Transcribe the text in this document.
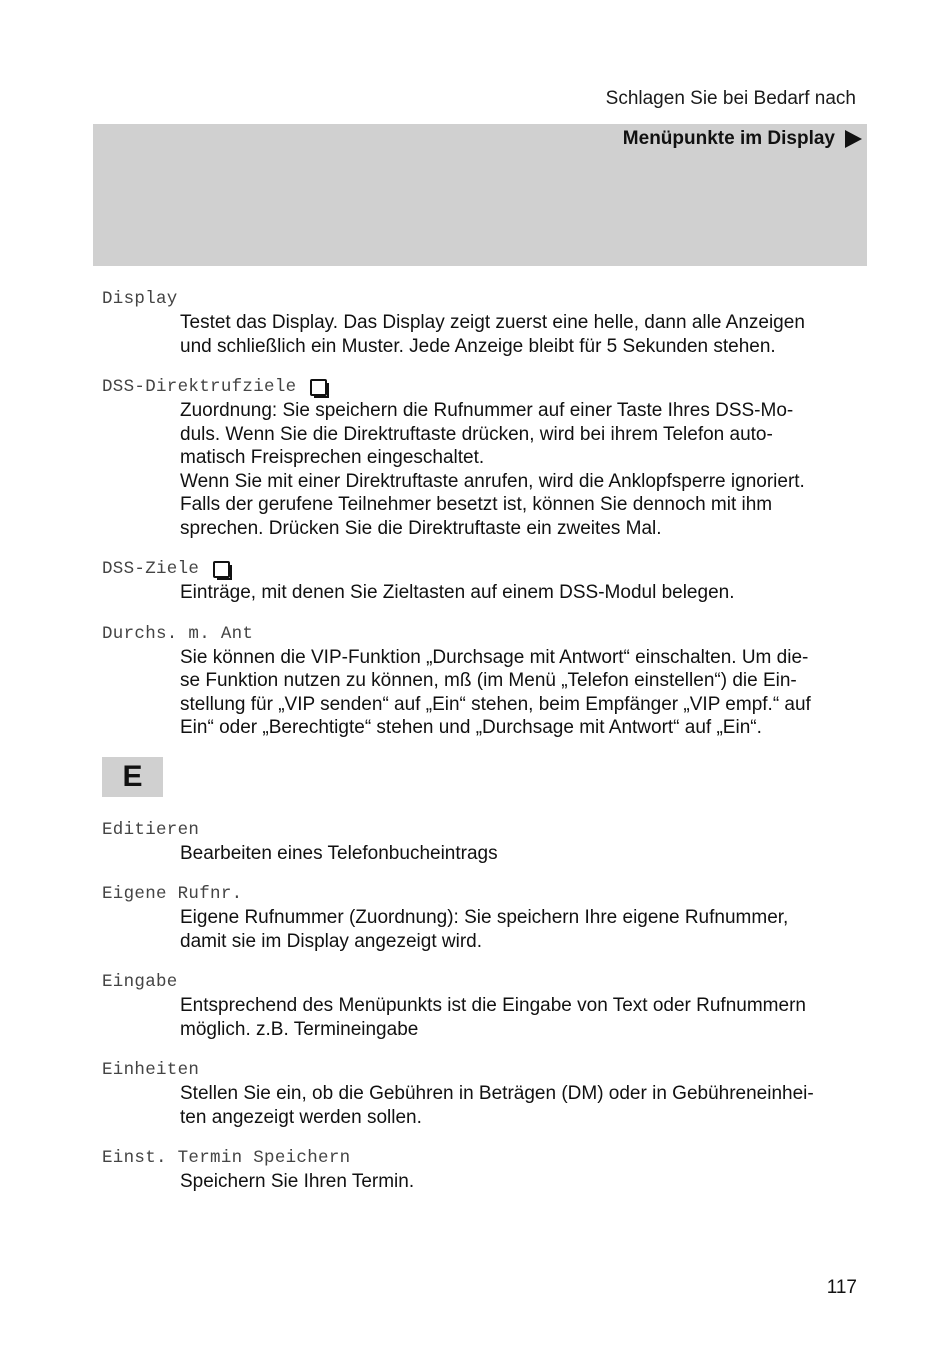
Schlagen Sie bei Bedarf nach
Menüpunkte im Display
Display
Testet das Display. Das Display zeigt zuerst eine helle, dann alle Anzeigen
und schließlich ein Muster. Jede Anzeige bleibt für 5 Sekunden stehen.
DSS-Direktrufziele
Zuordnung: Sie speichern die Rufnummer auf einer Taste Ihres DSS-Mo-
duls. Wenn Sie die Direktruftaste drücken, wird bei ihrem Telefon auto-
matisch Freisprechen eingeschaltet.
Wenn Sie mit einer Direktruftaste anrufen, wird die Anklopfsperre ignoriert.
Falls der gerufene Teilnehmer besetzt ist, können Sie dennoch mit ihm
sprechen. Drücken Sie die Direktruftaste ein zweites Mal.
DSS-Ziele
Einträge, mit denen Sie Zieltasten auf einem DSS-Modul belegen.
Durchs. m. Ant
Sie können die VIP-Funktion „Durchsage mit Antwort“ einschalten. Um die-
se Funktion nutzen zu können, mß (im Menü „Telefon einstellen“) die Ein-
stellung für „VIP senden“ auf „Ein“ stehen, beim Empfänger „VIP empf.“ auf
Ein“ oder „Berechtigte“ stehen und „Durchsage mit Antwort“ auf „Ein“.
E
Editieren
Bearbeiten eines Telefonbucheintrags
Eigene Rufnr.
Eigene Rufnummer (Zuordnung): Sie speichern Ihre eigene Rufnummer,
damit sie im Display angezeigt wird.
Eingabe
Entsprechend des Menüpunkts ist die Eingabe von Text oder Rufnummern
möglich. z.B. Termineingabe
Einheiten
Stellen Sie ein, ob die Gebühren in Beträgen (DM) oder in Gebühreneinhei-
ten angezeigt werden sollen.
Einst. Termin Speichern
Speichern Sie Ihren Termin.
117
